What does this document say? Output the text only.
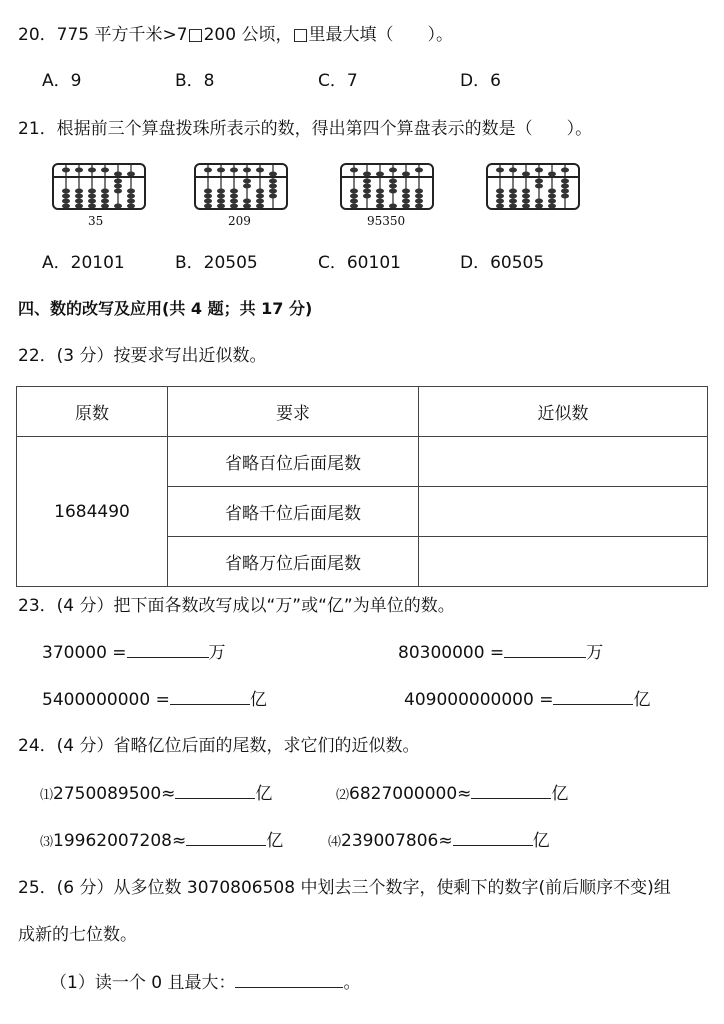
20．775 平方千米>7□200 公顷，□里最大填（　　）。
A．9	B．8	C．7	D．6
21．根据前三个算盘拨珠所表示的数，得出第四个算盘表示的数是（　　）。
35	209	95350
A．20101	B．20505	C．60101	D．60505
四、数的改写及应用(共 4 题；共 17 分)
22．(3 分）按要求写出近似数。
原数	要求	近似数
1684490	省略百位后面尾数	
	省略千位后面尾数	
	省略万位后面尾数	
23．(4 分）把下面各数改写成以“万”或“亿”为单位的数。
370000 =	万	80300000 =	万
5400000000 =	亿	409000000000 =	亿
24．(4 分）省略亿位后面的尾数，求它们的近似数。
⑴2750089500≈	亿	⑵6827000000≈	亿
⑶19962007208≈	亿	⑷239007806≈	亿
25．(6 分）从多位数 3070806508 中划去三个数字，使剩下的数字(前后顺序不变)组
成新的七位数。
（1）读一个 0 且最大：	。
